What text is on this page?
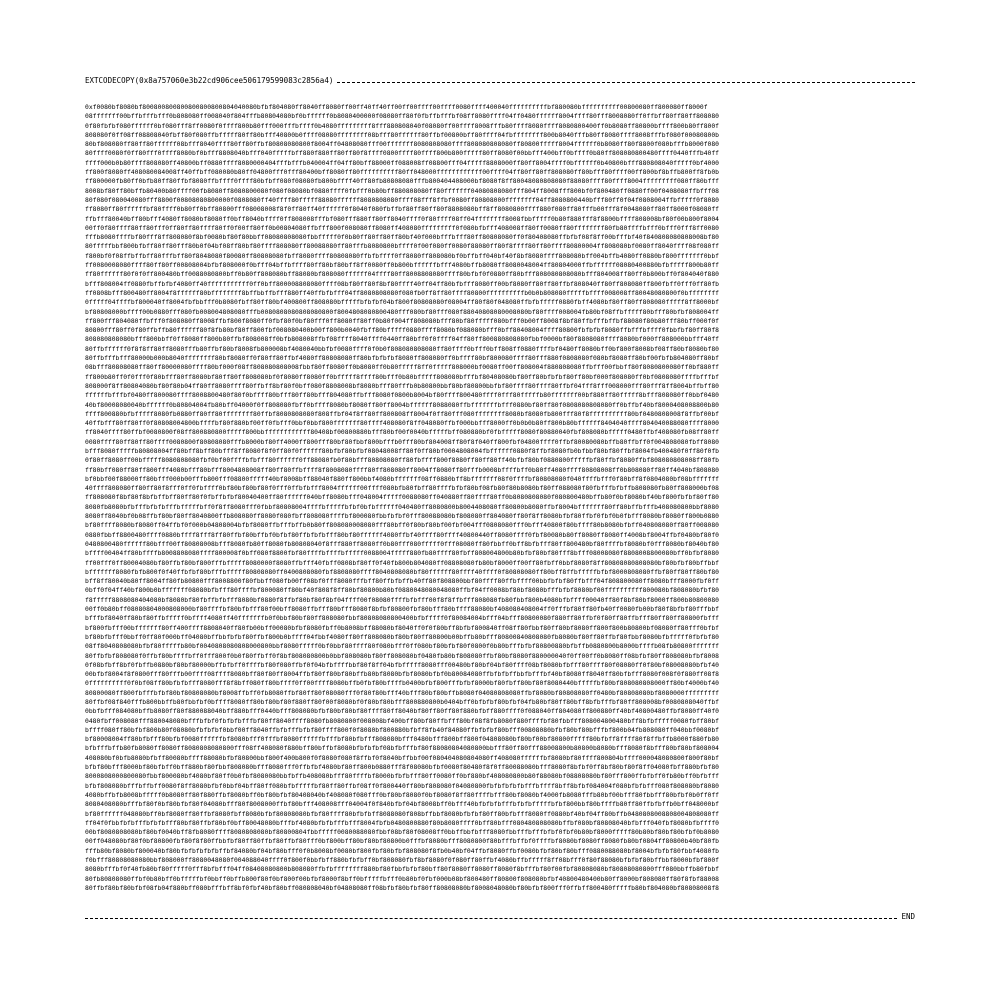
EXTCODECOPY(0x8a757060e3b22cd906cee506179599083c2856a4)
0xf0080bf8080bf800800800800800800800804040080bfbf804080ff8040ff8080ff00ff40ff40ff00ff00ffff00ffff0080ffff400040ffffffffffbf880080bffffffffff00800080ff800080ff8000f
08fffffff00bffbfffbfff0b808080ff008040f804fffb80804080bf0bffffff0b8080400000f08080ff80f0fbffbfffbf08ff8080ffff04ff0480ffffff8004ffff80fff8008080ff0ffbff80ff80ff808080
0f80fbfbf080ffffff0bf080fff8ff0080f0ffff800b80fff000fffbffff0b4080fffffffff8fff880808040f08080ff00ffff8008fffb80ffff8080ffff8080800400ff0b8080ff80800bffff800b80ff800f
808080f0ff08ff08808040fbff80f080ffbfffff80ff80bfff40800b0ffff08080ffffffff08bfff80ffffff80ffbf00800bff80ffff04fbffffffff800b8040fffb80ff8080ffff8008fffbf080f00080800b
80bf808080ff80ff80ffffff08bfff8040ffff80ff80ffbf80808080800f8004ff04808080fff00fffffff8080808080ffff808080808080ff80800fffff8004ffffff0b8080ff80f8800f080bfffb8000f080
80ffff0080f0ff80fff0ffff8080bf0bfff8808040bfff040fffffbff880f880ff80ff80f8ffff0800ffff80ffff800b800fffff80ff8080f00bbfff400bff0bffff0b80ff808080800480ffff0440fffb40ff
ffff000b0b80ffff808080ff40800bff0880ffff8080000404fffbfffb040004ff04ff80bff88000ff088008ff08800fff04fffff8808000ff80ff8004ffff0bffffff0b40800bfff880808040fffff0bf4000
ff800f8080ff408080084008ff40ffbff080080b80ff04800fff0fff80400bff8080ff80ffffffffff80ff048000ffffffffffff00ffff04ff80ff80ff808080ff80bfff80ffff00ff800bf8bffb800ff8fb0b
ff800000fb80ff0bfb80ff80ffbf8080ffbffff0ffff80bfbff080f08080fb800bffff40ff80fb80808080fffb800404408000bf8080f8ff80048080808080f88080ffff80ffff8004fffffffff080ff80bfff
8008bf80ff80bffb80400b80ffff00fb8080ff8080800080f080f08080bf0880ffff0fbfff0b80bff880808080ff80fffffff04080808080fff804ff8008fff800bf0f800480ff0880ff00f0408080ffbfff08
80f080f080040080fff8800f00808080800000f0808080ff40ffff80fffff88080ffffff8080808080ffff08fff8ffbf0080ff80808000ffffffff04ff8080800440bfff80ff0f04f0808004ffbfffff0f8080
ff8080ff80ffffffbf80ffff0b80ff0bff80800fff08008008f8f0ff80ff40ffffff0f8040f080fbffbf80ff80ff80f8808080bff8ff8080800ffff880f080ff80fffb00fff8f0048080ff80ff8000f08080ff
ffbfff80040bff80bfff4080ff8080bf8080ff0bff8040bffff0ff808008fffbf080fff880ff80ff8040ffff0f80ffff08ff04ffffffff8008fbbfffff0b80f880fff8f8800bffff808008bf80f00b800f8004
00ff0f80ffff80ff80fff0ff80ff80ffff80ff0f00ff80ff0b00804080ffbfff800f008080ff8080ff408080fffffffff0f080bfbfff408008ff80ff0080ff80ffffffff80fb80ffffbfff0bfff0fff8ff0080
fffb8080ffffbf80fff8ff808080f8bf0080bf80f80bbff08080808080fbbfffff0f0b80ff80ff80ff80bf40f000bfffbfff80ff80808080ff0f80408080ffbfbf08f8ff00bfffbf40f840808080808008bf80
80fffffbbf800bfbff80ff80fff80b0f04bf08ff80bf80ffff808080ff80088080ff80fffb8080800bffff0f00f080ff0080f88080ff80f8ffff80ff80ffff80800004ff808080bf0080ff8040ffff08f080ff
f800bf0f08ffbffbff80fffbff80f8048080f80080ff80808080fbff8080ffff80808080ffbfbffff0ff8080ff808080bf0bffbff040bf40f8bf8080ffff808080bff004bffb4080ff0880bf800fffffff0bbf
ff0080008080ffff80ff80ff00808004bfbf808000f0bfff04bffbffff80ff80bf80bff8ff0080ff0b800bffffffbfff4080bffb8080ff8080048004ff80804000ffbffffff08080400880bfbfffff800b80ff
ff80ffffff80f0f0ff800480bff0088080800bff0b80ff808080bff88080bf808080ffffff04ffff80ff8008808080ffff80bfbf0f0880ff80bfff808080808080bfff804008ff80ff0b800bff0f804040f880
bfff808004ff0880fbffbfbf4080ff40fffffffffff0ff0bff800008808080ffff08bf80ff80f8bf80ffff40ff04ff80bfbfff8080ff00bf8080ff80ff80ffbf808040ff80ff808080ff800fbff0fff0ff80fb
ff0808bfff800480ff8004f8ffffff80bffffffff8bffbbffbfff880ff40ffbfbfff04ff8080808080f080fb0ff8ff80ffff80800ffffffffffb0b0b808080fffffbffff008008ff80048080800f0bffffffff
0fffff04ffffbf800040ff8004fbfbbfff0b8080fbff80ff80bf400800ff808080bfffffbfbfbf04bf800f80808080f08004ff80f80f048080ffbfbfffff0880fbff4080bf80ff80ff808080fffff8ff8000bf
bf80808000bffff00b0880fff080fb008004808080fffb0080808080808080800f8004808080800480fff080bf80fff080f88040808080008080bf80ffff008004fb80bf08ffbfffff80bfff80bfbf808004ff
ff800fff804080ffbfff0f808080ff8008ffbf800f8080ff0fbf80f0bf80fff0ff8080ff80ff0b80f004ff808080bfff80bf80fffff080bfff0b00ff8008f8bf80ffbfffbffbf88080f80b80fff80bff000f0f
80800fff80ff0f80ffbffb80ffffff80f8fb80bf80ff800fbf008080400b00ff800b0040fbff80bfffff0880ffff8080bf088080bfff0bff80408004ffff80800fbfbfbf8080ffbfffbffff0fbbfbf80ff80f8
808080808080bfff800bbff0ff8080ff800b80ffbf808008ff0bfb808008ffbf08ffff8040ffff0440ff80bff0f0ffff04ff80ff800880808080fbbf0000bf80f8808080ffff8080bf000ff808000bbfff40ff
80ffbffffff0f8f8ff80ff8080fffb80ffbf80bf8008fb800008bf4080040bbfbf0080ffff0f0b0f808080808080ff80ffff0bfff0bff808ff0880ffffbf0480ff8080bff0bf800f8008bf08ff80bf8080bf80
80ffbfffbfff80000b000b8040ffffffff80bf8080ff0f80ff80ffbf4080ff80808080ff80bfbfbfbf8080ff808080ff0bffff80bf800080ffff80fff880f0808080f080bf8080ff80bf00fbfb804080ff80bf
08bfff80808080ff80ff80000080ffff80bf000f08ff808080808008fbbf80ff8080ff0b8080ff0b80fffff8ff0fffff808000bf0080ff00ff808004f880808080ffbfff00fbbff80f8080800080ff0bf880ff
ff800b80ff0f0fff0f80bfff80ff8080bf80ff80ff808080bf0f8080ff8080ff0bfffff8ffff80bfff0b80bfffff808080bfffbf80408080bf80ff80bfbfbf80ff80bf000f808080ff0bf0808080ffffbfffbf
808000f8ff80804080bf80f80b04ff80ff8080ffff80ffbff8bf80f0bff080f8808008bf8080bfff80fffb0b80800bbf80bf80800bbfbf80ffff80ffff80ffbf04fff8fff008000fff80fff8ff8004bffbff80
ffffffbfffbf0480ff800080ffff8008800480f80f0bffff80bfff80ff80bfff804080ffbfff8080f0800b8004bf80ffff800480ffff0fff80fffffb80fffffff00bf880ff80fffff8bfff808080ff0bbf0480
40bf80008080040bffffff0b80804004fb80bff04000f0ff808080fbff0bffff8080bf8080ff80ff8004bffffff8088080ffbfffffffbfff0880bf80ff80f0808080808080ff0bffbf40bf8000408008800b80
ffff800880bfbfffff8080fb0880ff80ff80ffffffff80ffbf8080808080f808ffbf04f8ff80ff800808ff8004f0ff80fff080ffffffff8080bf8080fb800fff80f8ffffffffff80bf0480808008f8ffbf00bf
40ffbfff80ff80ff0f80808004800bffffbf80f880bf00ff0fbfff0bbf0bbf800fffffff80ffff408080f8ff048080ffbf000bbfff8000ff0b0b0b80ff800b80bffffff8404040ffff804040088080ffff8000
ff8040ffff80ffbf0080800f08ff800880800fffff800bbffffffffffff80408bf00800880bfff80bf00f0040bfffffbff080880bf0fbfffff8080f80880040fbf808080bfffff0480ffbf408080fb08ff80ff
0080ffff80ff80ff80ffff0080800f80808080fffb8000bf80ff4000ff800fff80bf80fbbf800bfffb0fff80bf804008ff80f8f040ff800fbf04800ffff0ffbf80080080bffb80ffbff0f004808080fbff8080
bfff8080fffffb80808004ff80bff8bff80bfff8ff8080f8f0ff80f0ffffff80bfbf80bfbf08048008ff80f0ff80bf0004808004fbffffff0880f8ffbf8080fb0bfbbf80bf80ffbf8004fb400480f0ff80f0fb
0f80ff8080ff00bfffff8080808080fbf0bf00ffffbfbfff80ffffff0ff88080fb0f80bfff80808080ff80fbffff800f8080ff80ff80ff40bfbf80bf0880800fffffbf80ffbf8080ffbf808080808008ff80fb
ff80bff080ff80ff800fff4080bfff80bfff8004808008ff80ff80ffbffff8f8008080ffff80ff808080ff8004ff8080ff80fffb0008bffffbff0b80ff4080ffff80808008ff0b808080ff80ff4040bf808080
bf0bbf00f88000ff80bfff000b00fffb800fff08800fffff40bf8008bff88040f880ff800bbf4080bfffffff08ff0880bff8bfffffff08f0ffffbf80808080f040ffffbfff0f80bff8f0804080bf08bfffffff
40ffff808080ff80ff80f8fff0ff0fbffff0bf80bf80bf80f0fff0ffbfbfff8004ffffff00ffff080bfb80fbff80ffffbfbf80bf08fb80f80b8080bf80ff088080f80fbfffbfbffb808080fb80ff808000bf08
ff808080f8bf80f8bfbffbff80ff80f0fbffbfbf80040400ff80ffffff040bff8080bfff048004fffff0088080ff040880ff80ffff80ff0b8080808080f080800480bffb80f0bf8080bf40bf800fbfbf80ff80
8080fb8080bfbfffbfbfbfffbfffffbff0f8ff8080fff0fbbf80808004ffffbfffffbfbf0bfbffffff040480ff8080800b8004408080ff80800b8080ffbf8004bfffffff80ff80bffbfffb408080800bbf8080
8080ff8040bf0b08ffbf80bf80ff8040800ffb808080ff8080f080fbff808080ffffbf800080fbbfbfbf0fff80088080bf808080ff804080ff80f8ff8080bfbf80ffbf0fbf0b0fbfff8080bf8080ff800b0880
bf80ffff8080bf8080ff04ffbf0f000b04808004bfbf8080ffbfffbffb0b80ff808080008080fff80bff0f80bf80bf00fbf004fff0808080fff0bfff40800f80bffff80b8080bfbff040808080ff80ff008080
0880fbbff8800480ffff0880bffff8fff8ff80ffbf80bffbf0bfbf80ffbfbfbfff80bf80ffffff4080ffbf40ffff80ffff40800440ff8080ffff0fbf80080b80ff8080ff8080ff4008bf8004ffbf0480bf80f0
0480800480ffffff80bfff00ff80808008bfff8080fb80ff8080fb80808040f8fff880ff8080ff0b80fff080fffff0fff08080ff80fbbff0bff8bfbfff80ff800480bf80ffffbf8080bf0fff8080bf8040bf80
bffff00404ff80bffffb8008808080ffff800008f0bff080f8800fbf80ffffbffffbfffff0088004fffff880fb80ffff80fbff808004800b80bfbf80bf80fff8bfff08008080f8808008800080bff0bfbf8080
ff00fff0ff80004080bf80ffbf80bf800fffbfffff8080000f8080ffbfff40fbff0808bf80ff0f40fb800b804080ff08808080fb80bf8000ff00ff80fbff0bbf8080f8ff80808080808080bf80bfbf80bffbbf
bfffffff8080fbfb800f0f40ffbfbf80bfffbfffff80808080ff0400808080fbf8808080ffff8040808080bf80ffffff80ffff40ffff0f80808080ff80bff8ffbfffffbfbf8000808080ffbf80ff80ff80bf80
bff8ff80040b80ff8004ff80fb80800fff8008800f80fbbff080fb00ff08bf0fff8080fffbff80ffbfbffb40ff80f808800bbf80ffff80ffbffff00bbfbfbf80ffbfff04f808800080ff8080bfff8000fbf0ff
0bff0f04ff40bf800b0bfffffff08080bfbfff80ffffbf800080ff80bf40f808f8ff80bf80800b80bf0880048080048080ffbf04ff0008bf80bf8080bfffbfbf8080bf00ffffffffff800080bf808080bfbf80
f8fffff8808080404080bf8080bf80fbffbfbfff8080bf0880f8ffbf80bf80f8bf04ffff00f08080ffffbfbfff00f8f8ffbfff808080fb80fbbf800b4080bfbffff00040ff80f8bf80bf8000ff800b80800080
00ff0b80bff08080804000808000bf80ffffbf80bfbfff80f00bff8080ffbfff80bfff8080f8bfbf80800fbf80bfff80bffff88080bf408080408004ff0fffbf80ff80fb40ff0080fb00bf80f8bfbf80fffbbf
bfffbf8040ff80bf80ffbfffff0bffff4080ff40fffffffb0f0bbf80bf80ff808080fbbf80808080800400bfbfffff0f80084004bfff04bfff80800080f880ff80ffbf0f80ff80ffbfff80ff80ff80800fbfff
bf800fbfff00bfffffff80ff400ffff8808040ff80fb00bff00080bfbf8080fbff0b8008bff88080bf8040ff0f0f80bff8bfbf800840ff08ff80fbbf80ff80bf8080ff800f800b80800bf08080ff80fff0bfbf
bf80bfbfff0bbff0ff80f000bff04080bffbbfbfbf80ffbf800b0bffff04fbbf4080ff80ff808080bf80bf80ff80800b00bffb80bfff80800840808080fb8080bf80ff80ffbf80fbbf8080bfbfffff0fbfbf80
08ff8040808080bfbf80fffffb80bf0040808080808000800bbf8080fffff0bf0bbf80ffff80f080bfff0ff080bf80bfbf80f0800f0b80bfffbfbf80800880bfbffb0880800b8000bffffb08fb80800fffffff
80ffbfbf808080f0ffbf80bffffbff0fff800f0b0f80ffbff0f8bf808080800b0bbf808080bf80ff808080bf0480fb80bf808080ffbf80bf8080f880000040f0ff00ff0b8080ff08bfbf80ff808080bfbf8008
0f08bfbff8bf0fbffb0880bf80bf80000bffbfbff0ffffbf80f080ffbf0f04bfbffffbbf80f8ff04bfbfffff8080fff00480bf80bf04bf80ffff08bf8080bfbfff80ffff80f08080ff0f80bf08008080bfbf40
00bfbf8004f8f0800fff80fffb00ffff08ffff8080bff80f80ff8004ffbf80ff80bf80bffb80bf8080bfbf8080bfbf0b80084080ffbfbfbffbbfbfffbf40bf8080ff8040ff80bfbfff8080f008f0f880ff08f8
0ffffffffff0f0bf08ff80bfbfbfff8080fff8f8bff080ff80bffff0ff00ffff8080bffb0fbf80bffffb0400bfbf800fffbfbf8000bf80fbff80bf80f8080440bfffffbf80bf808080808000ff80bf4000bf40
80800080ff800fbfffbfbf80bf80808080bf8008ffbff0fb8080ffbf80ff80f08080fff0f80f80bfff40bfff80bf80bffb8080f04080808080ffbf8080bf80808080ff0480bf80808080bf8080000fffffffff
80ffbf08f840fffb800bbffb80fbbfbf0bffff8080ff80bf80bf80f880ff80f00f8080bf0f80bf80bfff800880800b0404bff0bfbfbf80bfbf04fb80bf80ff80bff8bfbfffbf80ff808008bf0080808040ffbf
0bbfbfff084080bffb8080ff80f880088040bff880bfff0440bfff808080bfbf80bf80bf80ffff80ff8040bf80ff80ff80f880bfbff880ffff0f088040ff804080ff800880ff40bf40800480ffbf8080ff40f0
0480fbff008080fff880048080bfffbfbf0fbfbfbfffbf80ff8040ffff8080fb8080800f008008bf400bff80bf80ffbfff80bf08f8fb8080f880ffffbf80fbbfff808004800480bff8bfbfffff0080fbff80bf
bffff080ff80bfbf800b80f08080bfbfbfbf0bbf00ff8040ffbfbfffbfbf80ffff800f0f8080bf800880bfbff8fb40f84080ffbfbfbf80bfff00808080bfbf80bf80bfffbf800b04fb808080ff040bbf0080bf
bf80008004ff80bfbfff80bfbf0080ffffffbf8080bfff0fffbf8080ffffffbfffbf80bfbfff808080bfff0480bfff800bff800f04808080bf80bf00bf80800fffff80bfbff8ffff80f8ffbffb8000f880fb80
bfbfffbffb80fb8080ff8080ff8080808080800fff08ff408080f880bff80bffbf8080bfbfbfbf08bfbfffbf80f88080804080800bbfff80ff80fff88008800b80800b8080bfff8080f8bfff80bf80bf808004
408080bf0bfb8080bfbff80080bffff88080bfbf80800bbf800f400b800f0f8080f080f8ffbf0f8040bffbbf00f080404080804080ff408080ffffffbf8080bf80ffff800804bffff000048080800f800f80bf
bfbf80bfff8000bf80bfbff0bff880bf80fbbf808080bfff8080fff0ffbfbf4080bf80ff800b0880fff8f08080bfbf0080f80480f8f0ff80088080bfff8080f8bfbf0ff8bf80bf80f8ff04080fbff880bfbf80
8000808000800080fbbf800080bf4080bf80ff0b0fbf8080080bbfbffb408080bfff80ffffbf8000bfbfbfff80ff0080ff0bf880bf408080800b80f88080bf08808080bf80fff800ffbfbff0fb80bff0bfbfff
bfbf808080bfffbffbff0080f8ff8080bfbf0bbf04bff80ff080bfbfffffbf80ff80ffbf08ff0f800440ff80bf808080f04080800fbfbfbfbfbfffbffff8bff8bfbf084004f080bfbfbfff080f808080bf8080
4080bffbfb8008bfffff0b8080ff80f880ffbf8080bff0bf80bfbf80408040bf408080f080fff0bf80bf8080f0bf8080f8ff80ffffbfff80bf8080bf4000fb8080fffb80bf00bfff80fbbfff80bfbf0b0ff0ff
8080408080bfffbf80f0bf80bfbf80f04080bfff80f8008000ffbf80bfff408008fff04004f0f840bfbf04bf8008bff0bfff40bfbfbfbfffbfbfbfffffbfbf800bbf80bffffb80ff80ffbfbffb0bff048000bf
bf80ffffff048080bff0bf8080ff80ffbf8080fbff8080bfbf80808080bfbf80ffff80bfbfbff8088080f808bffbbf8080bfbfbf80ff80bfbfff8080ff0880bf40bf04ff80bffb0480808008808004808080ff
ff04f0fbbfbfbfffbfbfbfff80bf80ffbf80bf0bff80048080bfffbf4080bfbfbfffbfff8004fbfb0480800880f80b8080ffff0bff80bfff080480808080bffbf080bf80808040bfbfff040fbf8080bfbffff0
00bf8080808080bf80bf0040bff8fb8080ffff8080808080bf80800804fbbfffff0080088080fbbf08bf80f08008ff0bbffbbfbfff8080fbbfffbfffbfbf0fbf0b80bf8000fffff80b80bf80bf80bfbf0b8080
00ff048080bf80f0bf80800fbf80f8f80ffbbfbf80ff80ffbf80ffbf80fff0bf800bff80bf80bf80800b0fffbf8080bfff8080800f80bfffbffbf0ffffbf8080bf8080ff8080fb80bf0804ff80800b40bf80fb
fffb80bf8080bf800040bf80bfbfbfbfbfbffbf84080bf04bf80bfff0f0b8008bf0080bf800fbf80bfbf808080f8fb0b40bf04ffbf8080ffbf0080bfbf80bf80bfff0880088080bf8004bfbfbf80fbbf4080fb
f0bfff80808080080bbf808000ff8080048080f004088040ffff0f800f0bbfbff880bfbfbff0bf808080fbf8bf8080f0f080ff80ffbf4080bffbfffff8ff08bfff0f80f88080bfbfbf80bffbbf8000bfbf800f
8080bfffbf0f40fb80bf80fffff0fff8bfbfff04ff08408080800b808080ffbfbffffffff880bf80fbbfbfbf80bff80f8080ff8080ff8080f8bfffbf80f00fbf80808080bf80808080800fff080bbffb80fbbf
80fb80808080ffbf0b80bff0bfffffbf0bbff0bffb800f80f0bf800f00bfbf8000f8bff0bfffffbfff0b80bf0fbf000b08bf800480ff80800f808080bfbf40800480400b80ff8000bf808080ff80f8fbf88008
80ffbf80bf80bfbf08fb04f880bff080bfffbff8bf0fbf40bf80bff080808040bf04808080ff08bfbf80bfbf80ff80808080bf8008048080bf80bfbf800fff0ffbff800480fffffb80bf804080bf80808008f8
END
